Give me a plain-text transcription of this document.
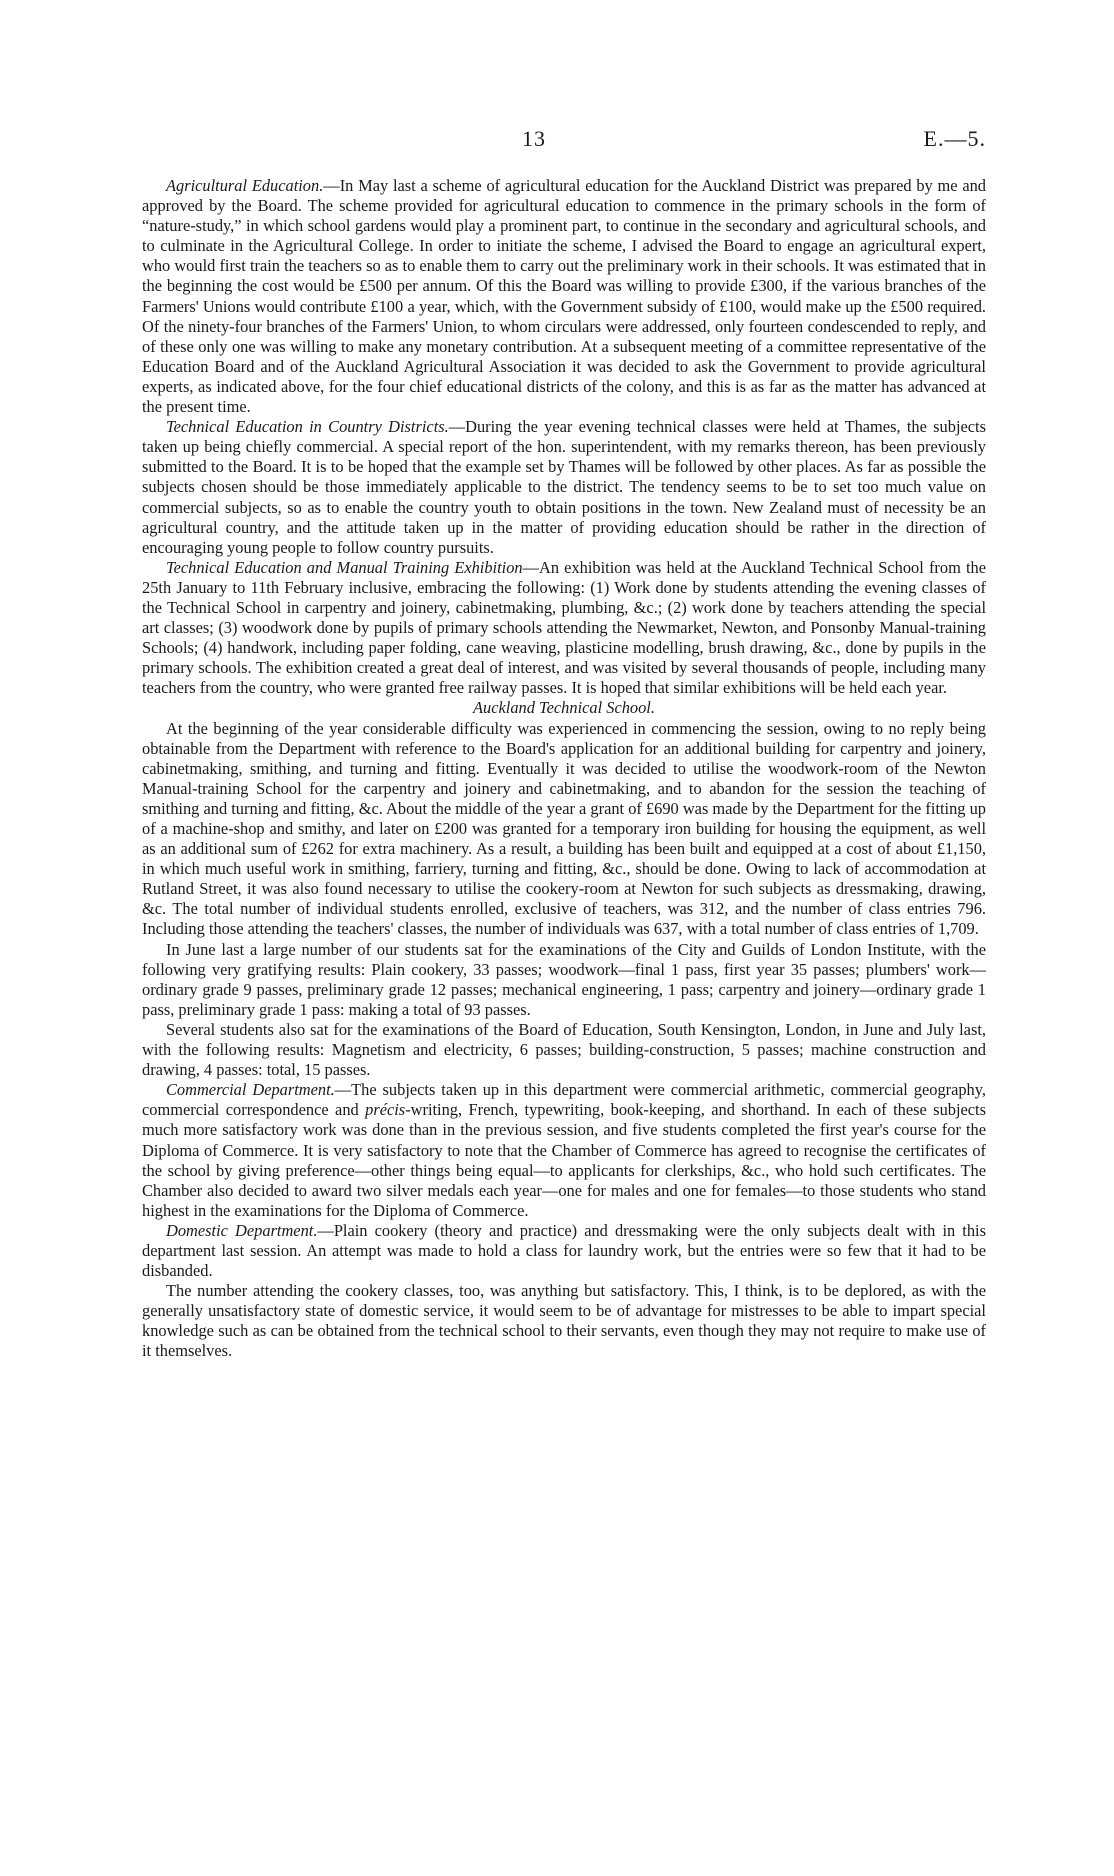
13	E.—5.

Agricultural Education.—In May last a scheme of agricultural education for the Auckland District was prepared by me and approved by the Board. The scheme provided for agricultural education to commence in the primary schools in the form of “nature-study,” in which school gardens would play a prominent part, to continue in the secondary and agricultural schools, and to culminate in the Agricultural College. In order to initiate the scheme, I advised the Board to engage an agricultural expert, who would first train the teachers so as to enable them to carry out the preliminary work in their schools. It was estimated that in the beginning the cost would be £500 per annum. Of this the Board was willing to provide £300, if the various branches of the Farmers' Unions would contribute £100 a year, which, with the Government subsidy of £100, would make up the £500 required. Of the ninety-four branches of the Farmers' Union, to whom circulars were addressed, only fourteen condescended to reply, and of these only one was willing to make any monetary contribution. At a subsequent meeting of a committee representative of the Education Board and of the Auckland Agricultural Association it was decided to ask the Government to provide agricultural experts, as indicated above, for the four chief educational districts of the colony, and this is as far as the matter has advanced at the present time.

Technical Education in Country Districts.—During the year evening technical classes were held at Thames, the subjects taken up being chiefly commercial. A special report of the hon. superintendent, with my remarks thereon, has been previously submitted to the Board. It is to be hoped that the example set by Thames will be followed by other places. As far as possible the subjects chosen should be those immediately applicable to the district. The tendency seems to be to set too much value on commercial subjects, so as to enable the country youth to obtain positions in the town. New Zealand must of necessity be an agricultural country, and the attitude taken up in the matter of providing education should be rather in the direction of encouraging young people to follow country pursuits.

Technical Education and Manual Training Exhibition—An exhibition was held at the Auckland Technical School from the 25th January to 11th February inclusive, embracing the following: (1) Work done by students attending the evening classes of the Technical School in carpentry and joinery, cabinetmaking, plumbing, &c.; (2) work done by teachers attending the special art classes; (3) woodwork done by pupils of primary schools attending the Newmarket, Newton, and Ponsonby Manual-training Schools; (4) handwork, including paper folding, cane weaving, plasticine modelling, brush drawing, &c., done by pupils in the primary schools. The exhibition created a great deal of interest, and was visited by several thousands of people, including many teachers from the country, who were granted free railway passes. It is hoped that similar exhibitions will be held each year.

Auckland Technical School.

At the beginning of the year considerable difficulty was experienced in commencing the session, owing to no reply being obtainable from the Department with reference to the Board's application for an additional building for carpentry and joinery, cabinetmaking, smithing, and turning and fitting. Eventually it was decided to utilise the woodwork-room of the Newton Manual-training School for the carpentry and joinery and cabinetmaking, and to abandon for the session the teaching of smithing and turning and fitting, &c. About the middle of the year a grant of £690 was made by the Department for the fitting up of a machine-shop and smithy, and later on £200 was granted for a temporary iron building for housing the equipment, as well as an additional sum of £262 for extra machinery. As a result, a building has been built and equipped at a cost of about £1,150, in which much useful work in smithing, farriery, turning and fitting, &c., should be done. Owing to lack of accommodation at Rutland Street, it was also found necessary to utilise the cookery-room at Newton for such subjects as dressmaking, drawing, &c. The total number of individual students enrolled, exclusive of teachers, was 312, and the number of class entries 796. Including those attending the teachers' classes, the number of individuals was 637, with a total number of class entries of 1,709.

In June last a large number of our students sat for the examinations of the City and Guilds of London Institute, with the following very gratifying results: Plain cookery, 33 passes; woodwork—final 1 pass, first year 35 passes; plumbers' work—ordinary grade 9 passes, preliminary grade 12 passes; mechanical engineering, 1 pass; carpentry and joinery—ordinary grade 1 pass, preliminary grade 1 pass: making a total of 93 passes.

Several students also sat for the examinations of the Board of Education, South Kensington, London, in June and July last, with the following results: Magnetism and electricity, 6 passes; building-construction, 5 passes; machine construction and drawing, 4 passes: total, 15 passes.

Commercial Department.—The subjects taken up in this department were commercial arithmetic, commercial geography, commercial correspondence and précis-writing, French, typewriting, book-keeping, and shorthand. In each of these subjects much more satisfactory work was done than in the previous session, and five students completed the first year's course for the Diploma of Commerce. It is very satisfactory to note that the Chamber of Commerce has agreed to recognise the certificates of the school by giving preference—other things being equal—to applicants for clerkships, &c., who hold such certificates. The Chamber also decided to award two silver medals each year—one for males and one for females—to those students who stand highest in the examinations for the Diploma of Commerce.

Domestic Department.—Plain cookery (theory and practice) and dressmaking were the only subjects dealt with in this department last session. An attempt was made to hold a class for laundry work, but the entries were so few that it had to be disbanded.

The number attending the cookery classes, too, was anything but satisfactory. This, I think, is to be deplored, as with the generally unsatisfactory state of domestic service, it would seem to be of advantage for mistresses to be able to impart special knowledge such as can be obtained from the technical school to their servants, even though they may not require to make use of it themselves.
